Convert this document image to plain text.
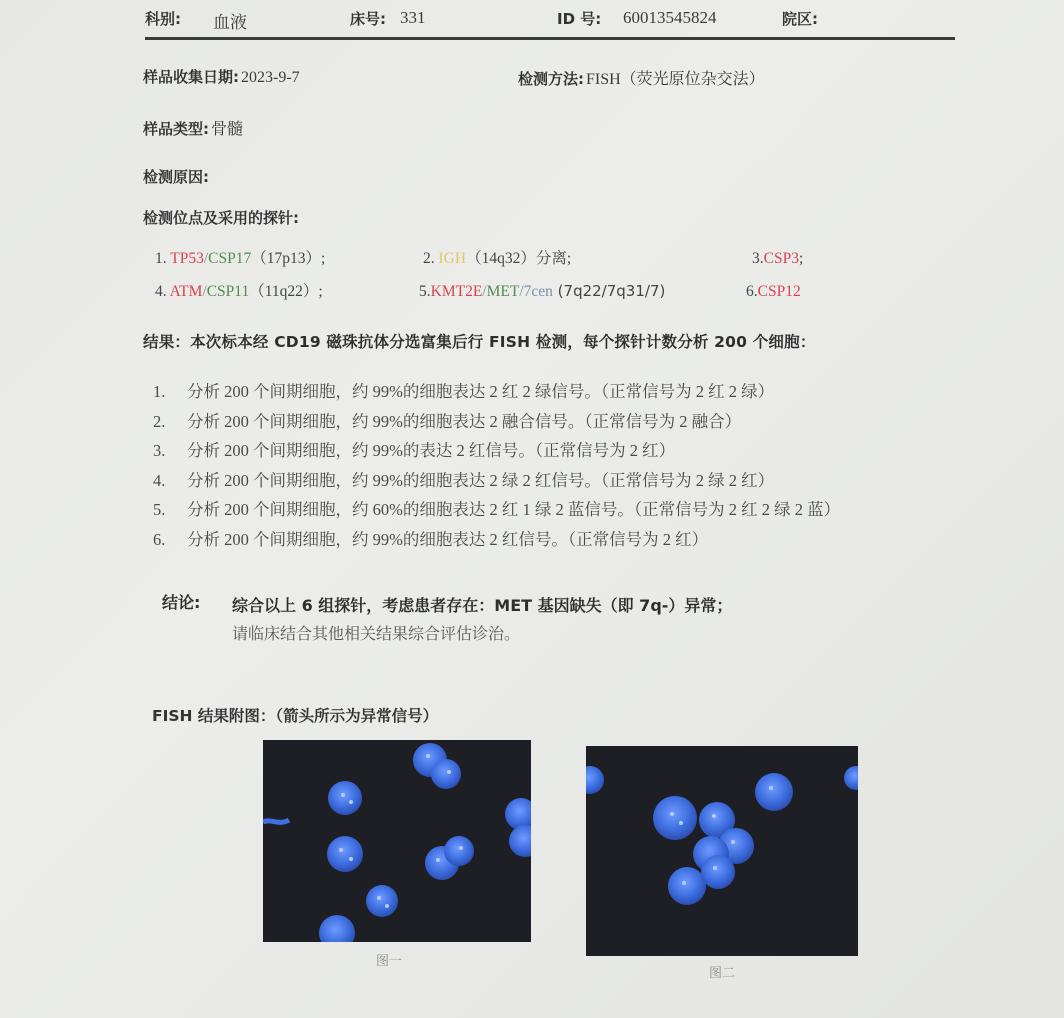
科别: 血液	床号: 331	ID 号: 60013545824	院区:
样品收集日期: 2023-9-7	检测方法: FISH（荧光原位杂交法）
样品类型: 骨髓
检测原因:
检测位点及采用的探针:
1. TP53/CSP17（17p13）;	2. IGH（14q32）分离;	3.CSP3;
4. ATM/CSP11（11q22）;	5.KMT2E/MET/7cen (7q22/7q31/7)	6.CSP12
结果：本次标本经 CD19 磁珠抗体分选富集后行 FISH 检测，每个探针计数分析 200 个细胞：
1. 分析 200 个间期细胞，约 99%的细胞表达 2 红 2 绿信号。（正常信号为 2 红 2 绿）
2. 分析 200 个间期细胞，约 99%的细胞表达 2 融合信号。（正常信号为 2 融合）
3. 分析 200 个间期细胞，约 99%的表达 2 红信号。（正常信号为 2 红）
4. 分析 200 个间期细胞，约 99%的细胞表达 2 绿 2 红信号。（正常信号为 2 绿 2 红）
5. 分析 200 个间期细胞，约 60%的细胞表达 2 红 1 绿 2 蓝信号。（正常信号为 2 红 2 绿 2 蓝）
6. 分析 200 个间期细胞，约 99%的细胞表达 2 红信号。（正常信号为 2 红）
结论: 综合以上 6 组探针，考虑患者存在：MET 基因缺失（即 7q-）异常；
请临床结合其他相关结果综合评估诊治。
FISH 结果附图：（箭头所示为异常信号）
图一
图二
